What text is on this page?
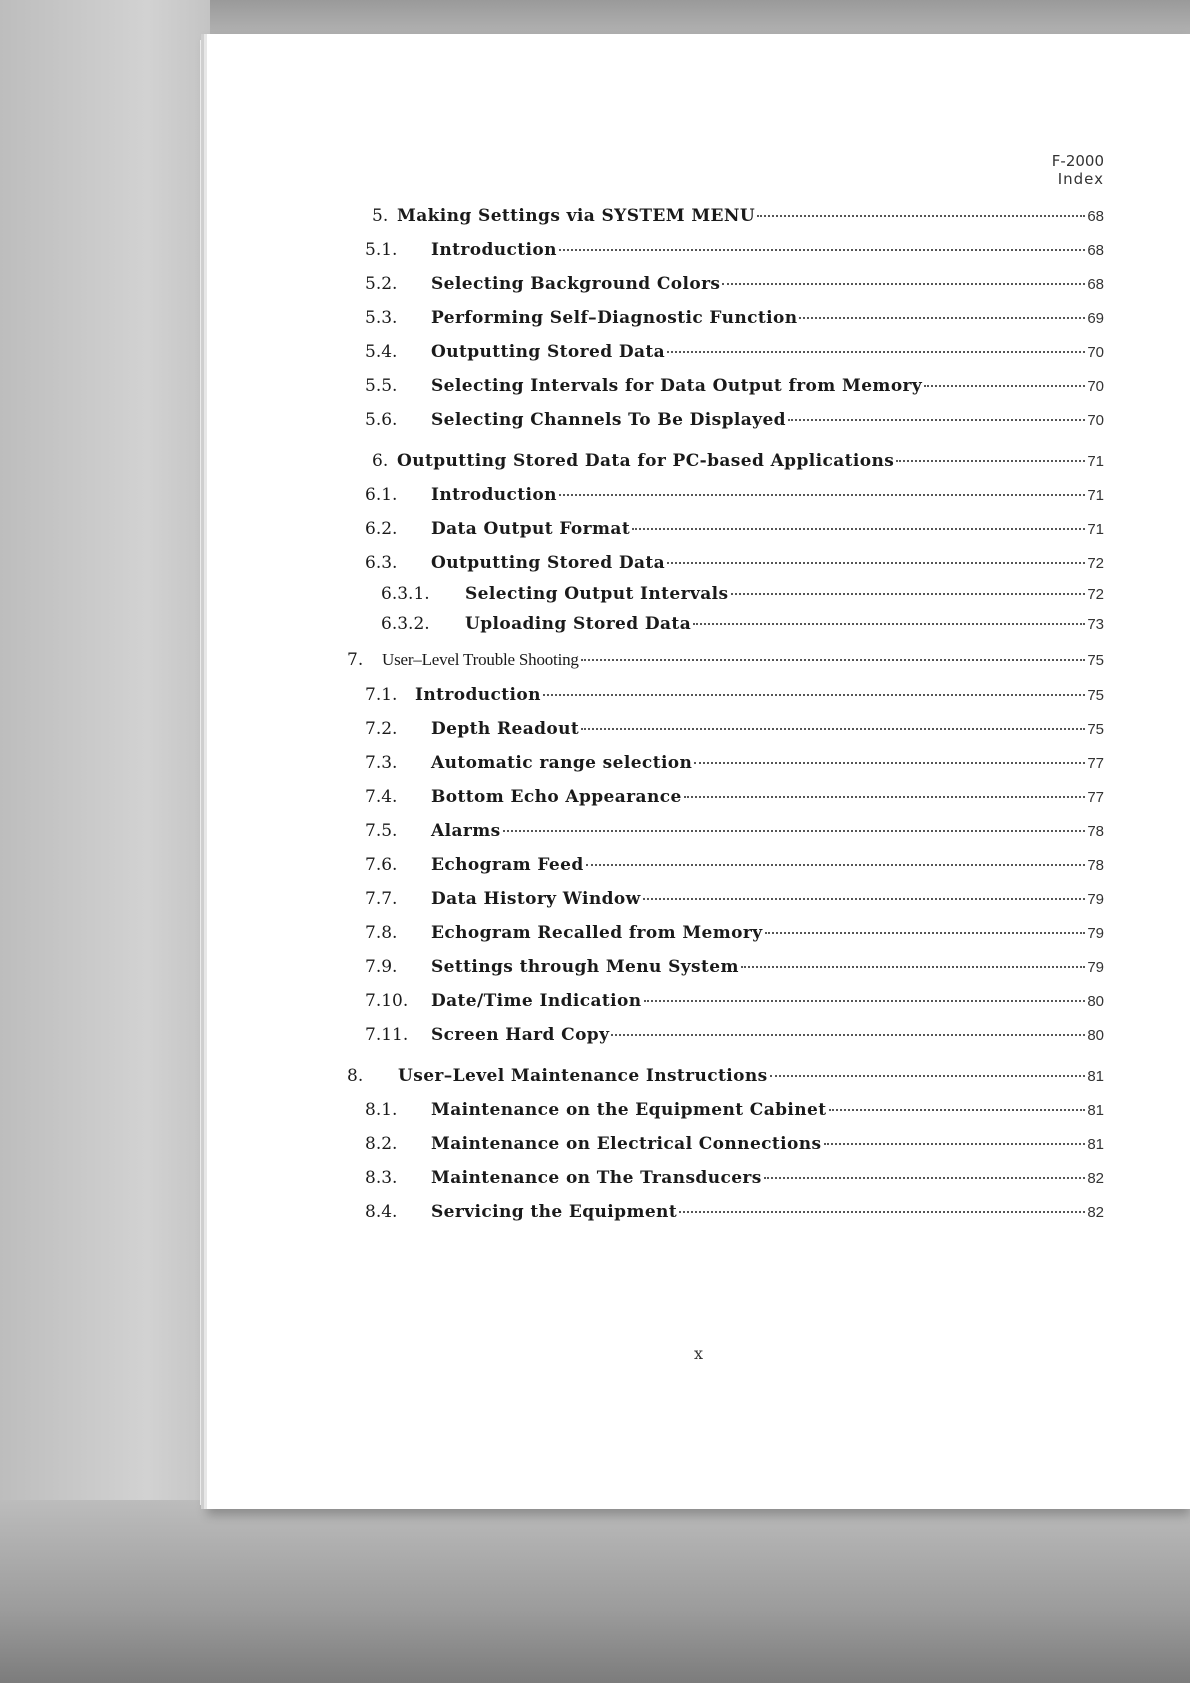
F-2000
Index
5. Making Settings via SYSTEM MENU	68
5.1. Introduction	68
5.2. Selecting Background Colors	68
5.3. Performing Self–Diagnostic Function	69
5.4. Outputting Stored Data	70
5.5. Selecting Intervals for Data Output from Memory	70
5.6. Selecting Channels To Be Displayed	70
6. Outputting Stored Data for PC-based Applications	71
6.1. Introduction	71
6.2. Data Output Format	71
6.3. Outputting Stored Data	72
6.3.1. Selecting Output Intervals	72
6.3.2. Uploading Stored Data	73
7. User–Level Trouble Shooting	75
7.1. Introduction	75
7.2. Depth Readout	75
7.3. Automatic range selection	77
7.4. Bottom Echo Appearance	77
7.5. Alarms	78
7.6. Echogram Feed	78
7.7. Data History Window	79
7.8. Echogram Recalled from Memory	79
7.9. Settings through Menu System	79
7.10. Date/Time Indication	80
7.11. Screen Hard Copy	80
8. User–Level Maintenance Instructions	81
8.1. Maintenance on the Equipment Cabinet	81
8.2. Maintenance on Electrical Connections	81
8.3. Maintenance on The Transducers	82
8.4. Servicing the Equipment	82
x
